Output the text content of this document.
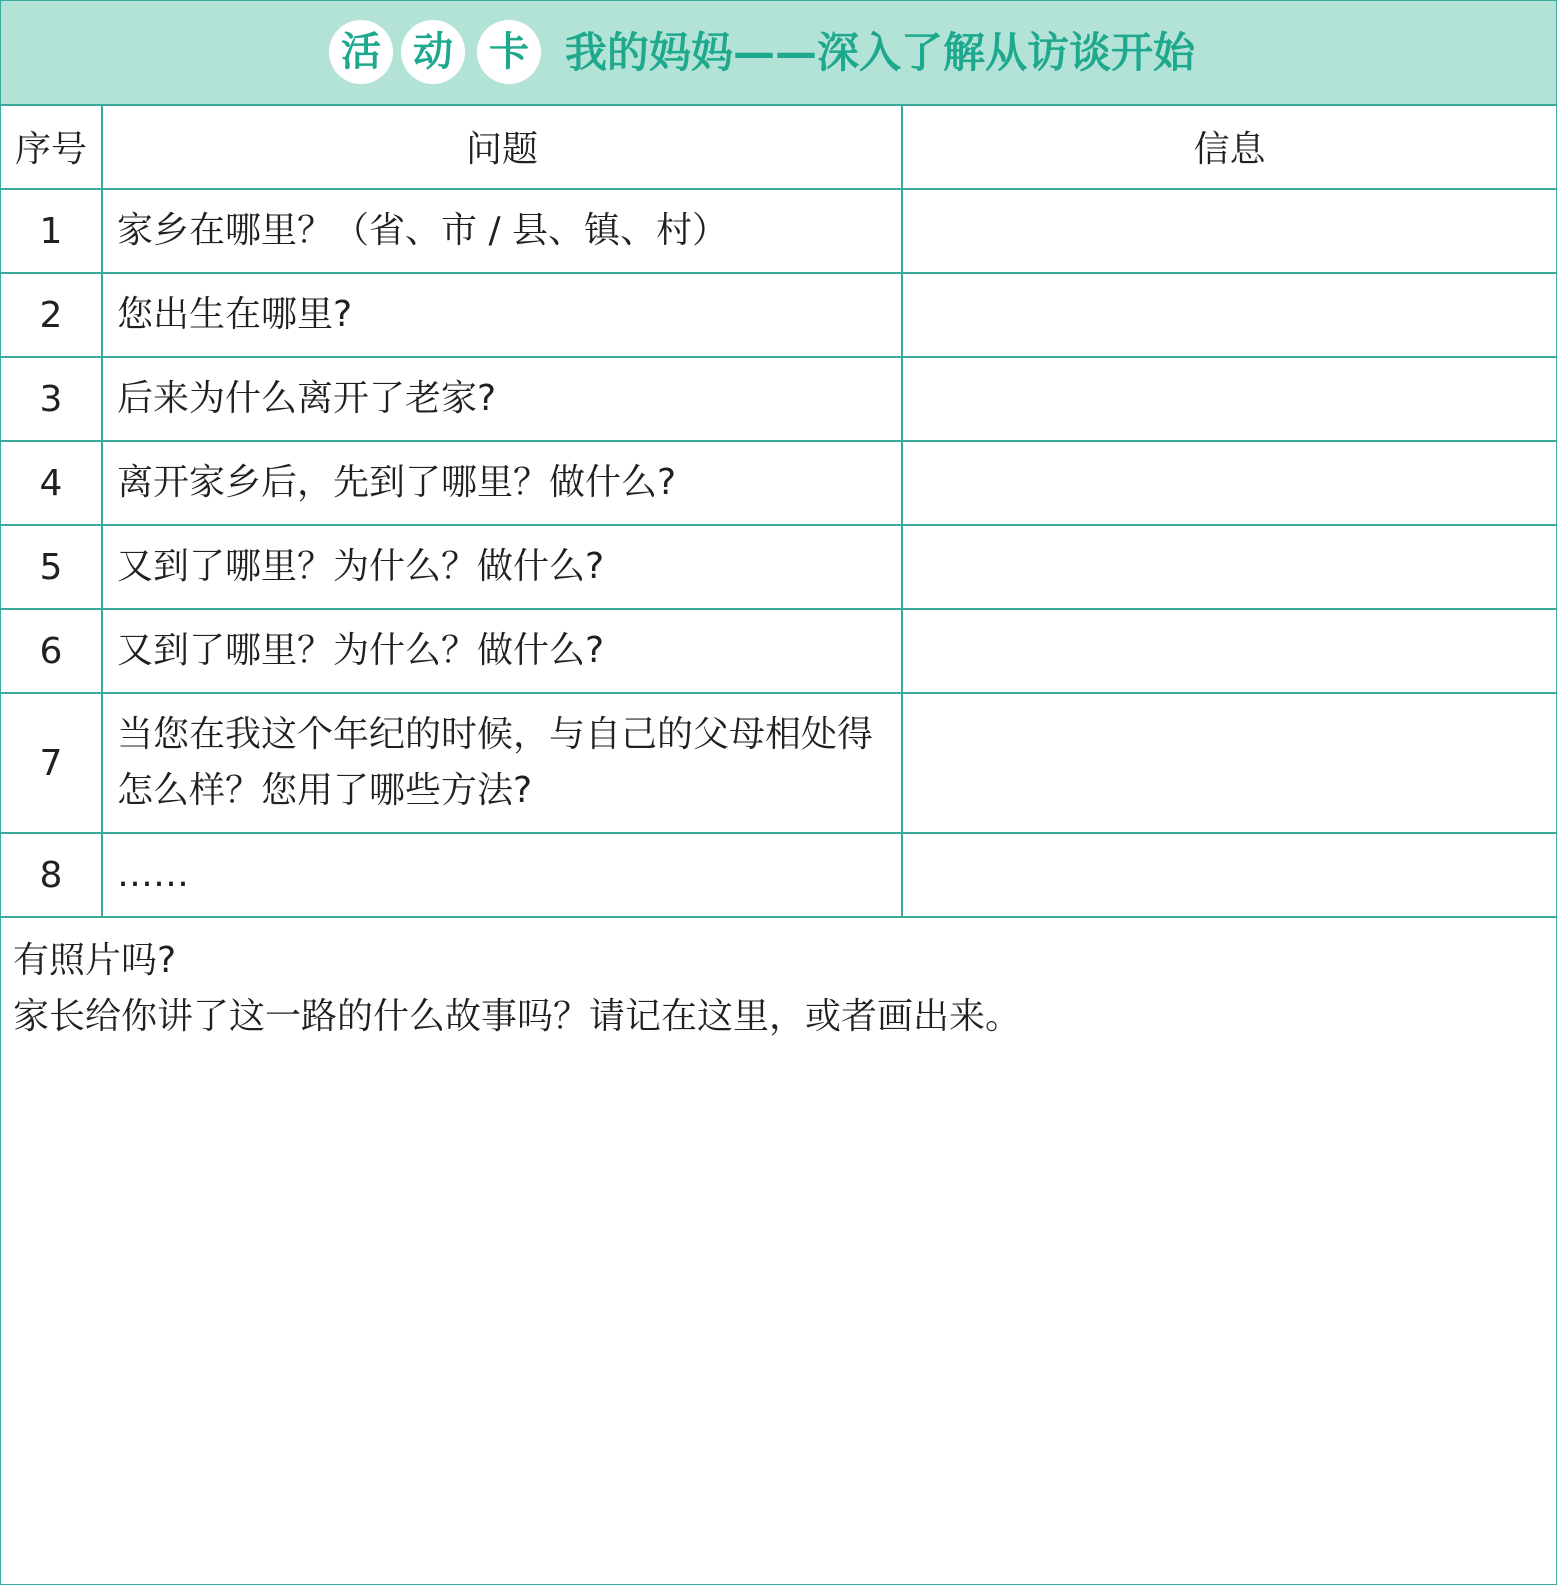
活 动 卡 我的妈妈——深入了解从访谈开始
序号	问题	信息
1	家乡在哪里？（省、市 / 县、镇、村）	
2	您出生在哪里?	
3	后来为什么离开了老家?	
4	离开家乡后，先到了哪里？做什么?	
5	又到了哪里？为什么？做什么?	
6	又到了哪里？为什么？做什么?	
7	当您在我这个年纪的时候，与自己的父母相处得怎么样？您用了哪些方法?	
8	……	
有照片吗?
家长给你讲了这一路的什么故事吗？请记在这里，或者画出来。
